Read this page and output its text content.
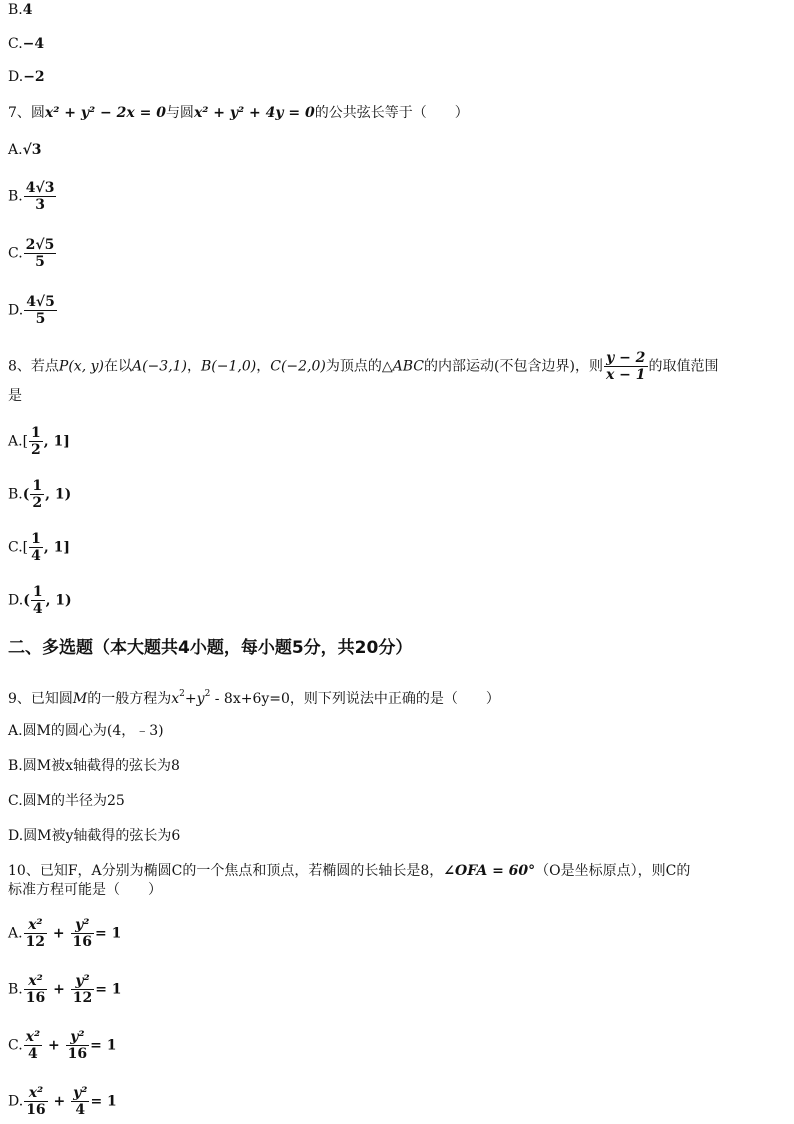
B.4
C.−4
D.−2
7、圆x² + y² − 2x = 0与圆x² + y² + 4y = 0的公共弦长等于（　　）
A.√3
B. $\frac{4√3}{3}$
C. $\frac{2√5}{5}$
D. $\frac{4√5}{5}$
8、若点P(x, y)在以A(−3,1)，B(−1,0)，C(−2,0)为顶点的△ABC的内部运动(不包含边界)，则 $\frac{y - 2}{x - 1}$ 的取值范围
是
$A.[ \frac{1}{2}$ , 1]
$B.( \frac{1}{2}$ , 1)
$C.[ \frac{1}{4}$ , 1]
$D.( \frac{1}{4}$ , 1)
二、多选题（本大题共4小题，每小题5分，共20分）
9、已知圆M的一般方程为$x^2+y^2 - 8x+6y=0$，则下列说法中正确的是（　　）
A.圆M的圆心为(4，﹣3)
B.圆M被x轴截得的弦长为8
C.圆M的半径为25
D.圆M被y轴截得的弦长为6
10、已知F，A分别为椭圆C的一个焦点和顶点，若椭圆的长轴长是8，∠OFA = 60°（O是坐标原点），则C的
标准方程可能是（　　）
A. $\frac{\text{x²}}{12} + \frac{\text{y²}}{16} = 1$
B. $\frac{\text{x²}}{16} + \frac{\text{y²}}{12} = 1$
C. $\frac{\text{x²}}{4} + \frac{\text{y²}}{16} = 1$
D. $\frac{\text{x²}}{16} + \frac{\text{y²}}{4} = 1$
